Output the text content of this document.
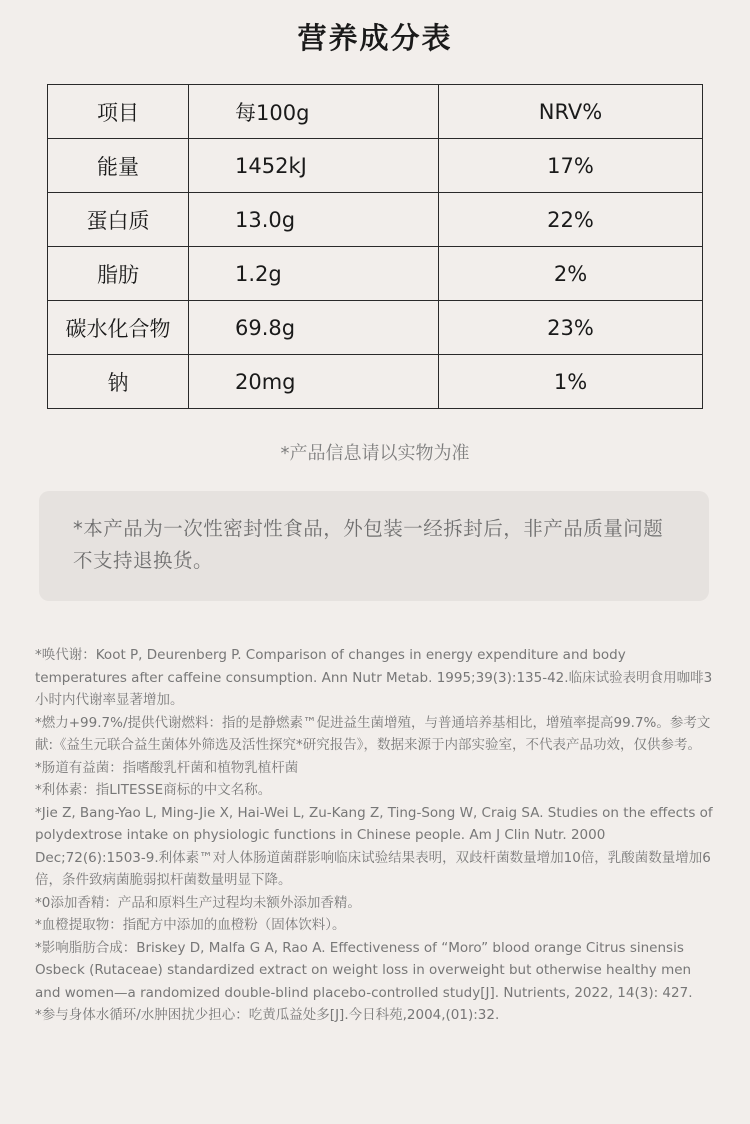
营养成分表
项目	每100g	NRV%
能量	1452kJ	17%
蛋白质	13.0g	22%
脂肪	1.2g	2%
碳水化合物	69.8g	23%
钠	20mg	1%
*产品信息请以实物为准
*本产品为一次性密封性食品，外包装一经拆封后，非产品质量问题不支持退换货。

*唤代谢：Koot P, Deurenberg P. Comparison of changes in energy expenditure and body temperatures after caffeine consumption. Ann Nutr Metab. 1995;39(3):135-42.临床试验表明食用咖啡3小时内代谢率显著增加。

*燃力+99.7%/提供代谢燃料：指的是静燃素™促进益生菌增殖，与普通培养基相比，增殖率提高99.7%。参考文献:《益生元联合益生菌体外筛选及活性探究*研究报告》，数据来源于内部实验室，不代表产品功效，仅供参考。

*肠道有益菌：指嗜酸乳杆菌和植物乳植杆菌

*利体素：指LITESSE商标的中文名称。

*Jie Z, Bang-Yao L, Ming-Jie X, Hai-Wei L, Zu-Kang Z, Ting-Song W, Craig SA. Studies on the effects of polydextrose intake on physiologic functions in Chinese people. Am J Clin Nutr. 2000 Dec;72(6):1503-9.利体素™对人体肠道菌群影响临床试验结果表明，双歧杆菌数量增加10倍，乳酸菌数量增加6倍，条件致病菌脆弱拟杆菌数量明显下降。

*0添加香精：产品和原料生产过程均未额外添加香精。

*血橙提取物：指配方中添加的血橙粉（固体饮料）。

*影响脂肪合成：Briskey D, Malfa G A, Rao A. Effectiveness of “Moro” blood orange Citrus sinensis Osbeck (Rutaceae) standardized extract on weight loss in overweight but otherwise healthy men and women—a randomized double-blind placebo-controlled study[J]. Nutrients, 2022, 14(3): 427.

*参与身体水循环/水肿困扰少担心：吃黄瓜益处多[J].今日科苑,2004,(01):32.
